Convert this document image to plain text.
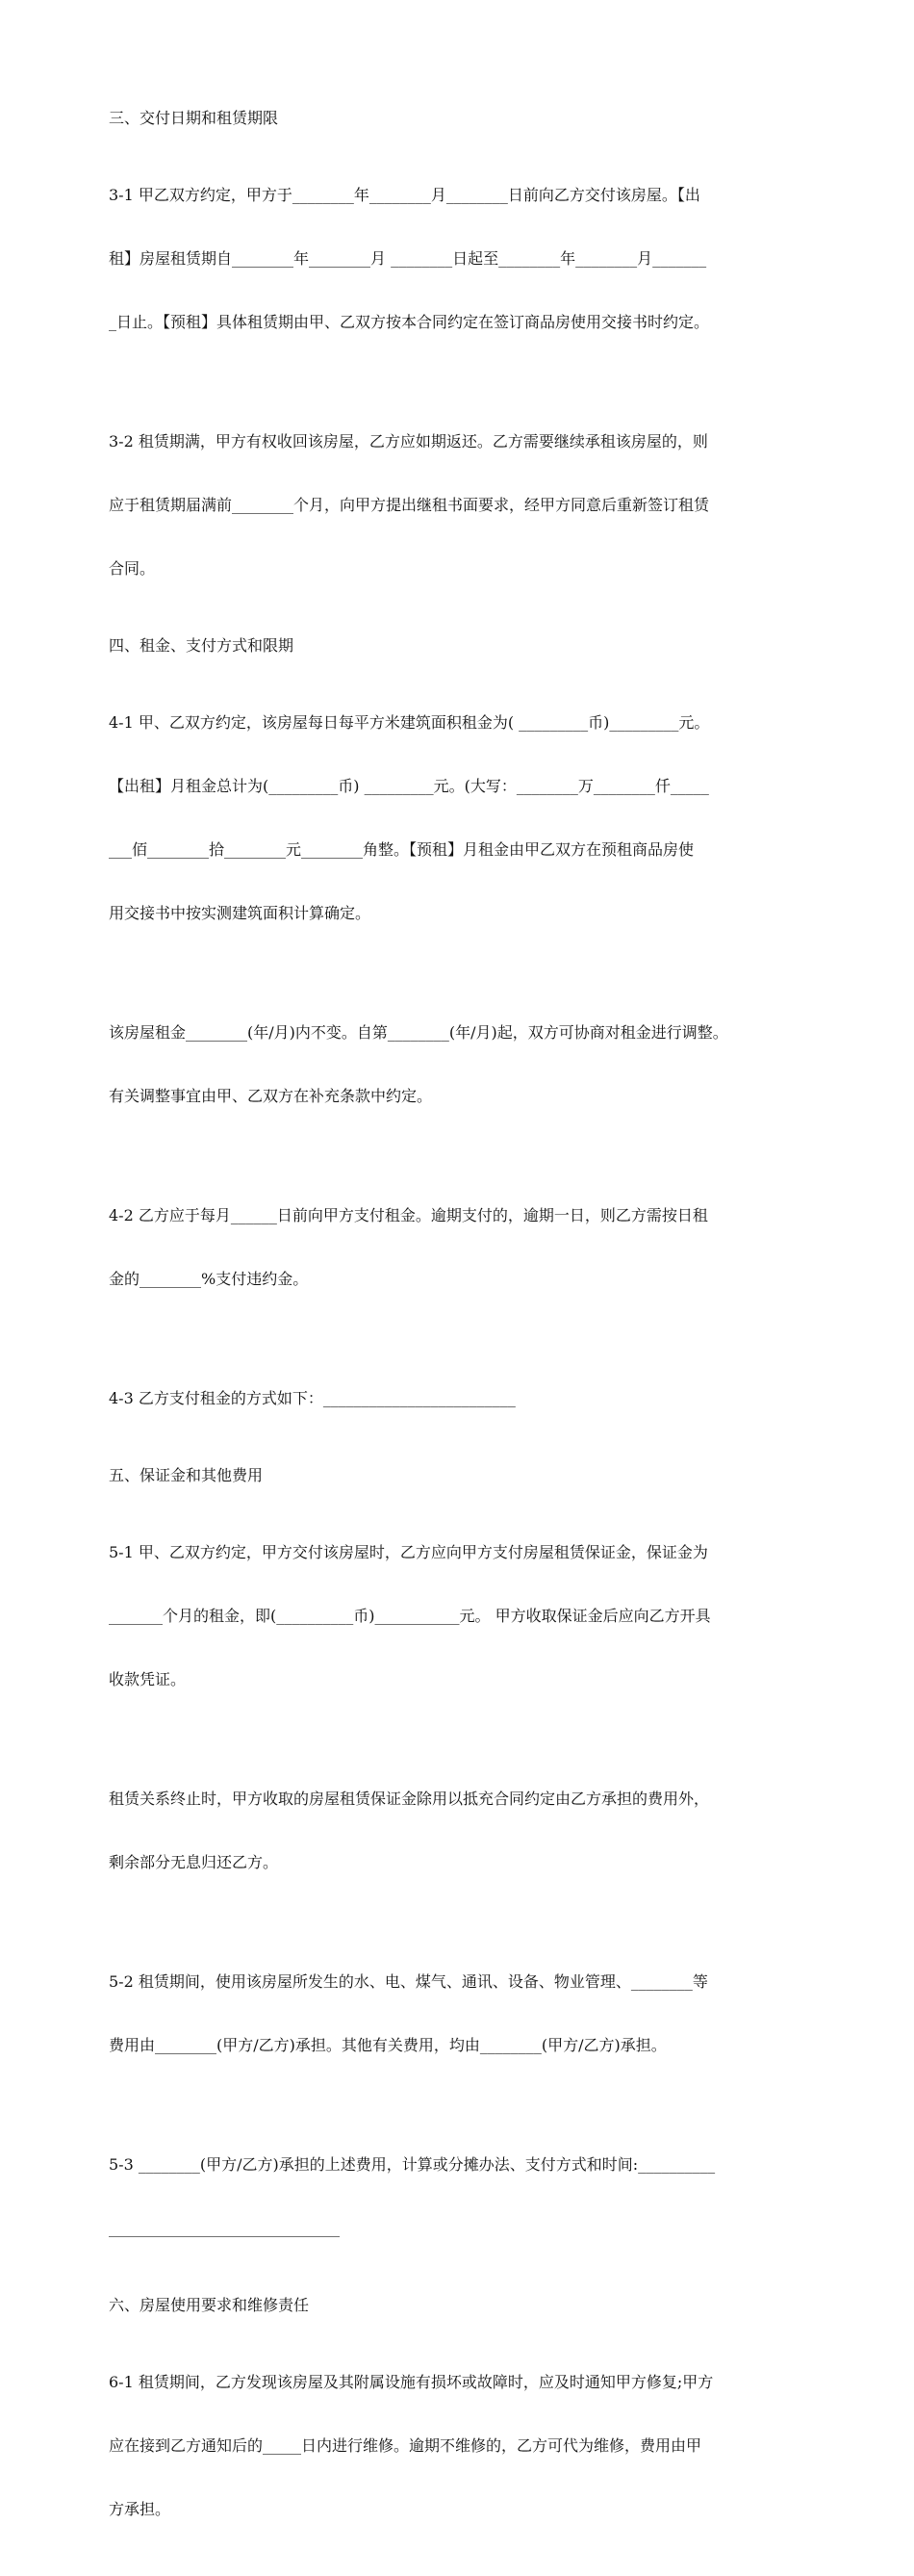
三、交付日期和租赁期限

3-1 甲乙双方约定，甲方于________年________月________日前向乙方交付该房屋。【出

租】房屋租赁期自________年________月 ________日起至________年________月_______

_日止。【预租】具体租赁期由甲、乙双方按本合同约定在签订商品房使用交接书时约定。

3-2 租赁期满，甲方有权收回该房屋，乙方应如期返还。乙方需要继续承租该房屋的，则

应于租赁期届满前________个月，向甲方提出继租书面要求，经甲方同意后重新签订租赁

合同。

四、租金、支付方式和限期

4-1 甲、乙双方约定，该房屋每日每平方米建筑面积租金为( _________币)_________元。

【出租】月租金总计为(_________币) _________元。(大写：________万________仟_____

___佰________拾________元________角整。【预租】月租金由甲乙双方在预租商品房使

用交接书中按实测建筑面积计算确定。

该房屋租金________(年/月)内不变。自第________(年/月)起，双方可协商对租金进行调整。

有关调整事宜由甲、乙双方在补充条款中约定。

4-2 乙方应于每月______日前向甲方支付租金。逾期支付的，逾期一日，则乙方需按日租

金的________%支付违约金。

4-3 乙方支付租金的方式如下：_________________________

五、保证金和其他费用

5-1 甲、乙双方约定，甲方交付该房屋时，乙方应向甲方支付房屋租赁保证金，保证金为

_______个月的租金，即(__________币)___________元。 甲方收取保证金后应向乙方开具

收款凭证。

租赁关系终止时，甲方收取的房屋租赁保证金除用以抵充合同约定由乙方承担的费用外，

剩余部分无息归还乙方。

5-2 租赁期间，使用该房屋所发生的水、电、煤气、通讯、设备、物业管理、________等

费用由________(甲方/乙方)承担。其他有关费用，均由________(甲方/乙方)承担。

5-3 ________(甲方/乙方)承担的上述费用，计算或分摊办法、支付方式和时间:__________

______________________________

六、房屋使用要求和维修责任

6-1 租赁期间，乙方发现该房屋及其附属设施有损坏或故障时，应及时通知甲方修复;甲方

应在接到乙方通知后的_____日内进行维修。逾期不维修的，乙方可代为维修，费用由甲

方承担。
